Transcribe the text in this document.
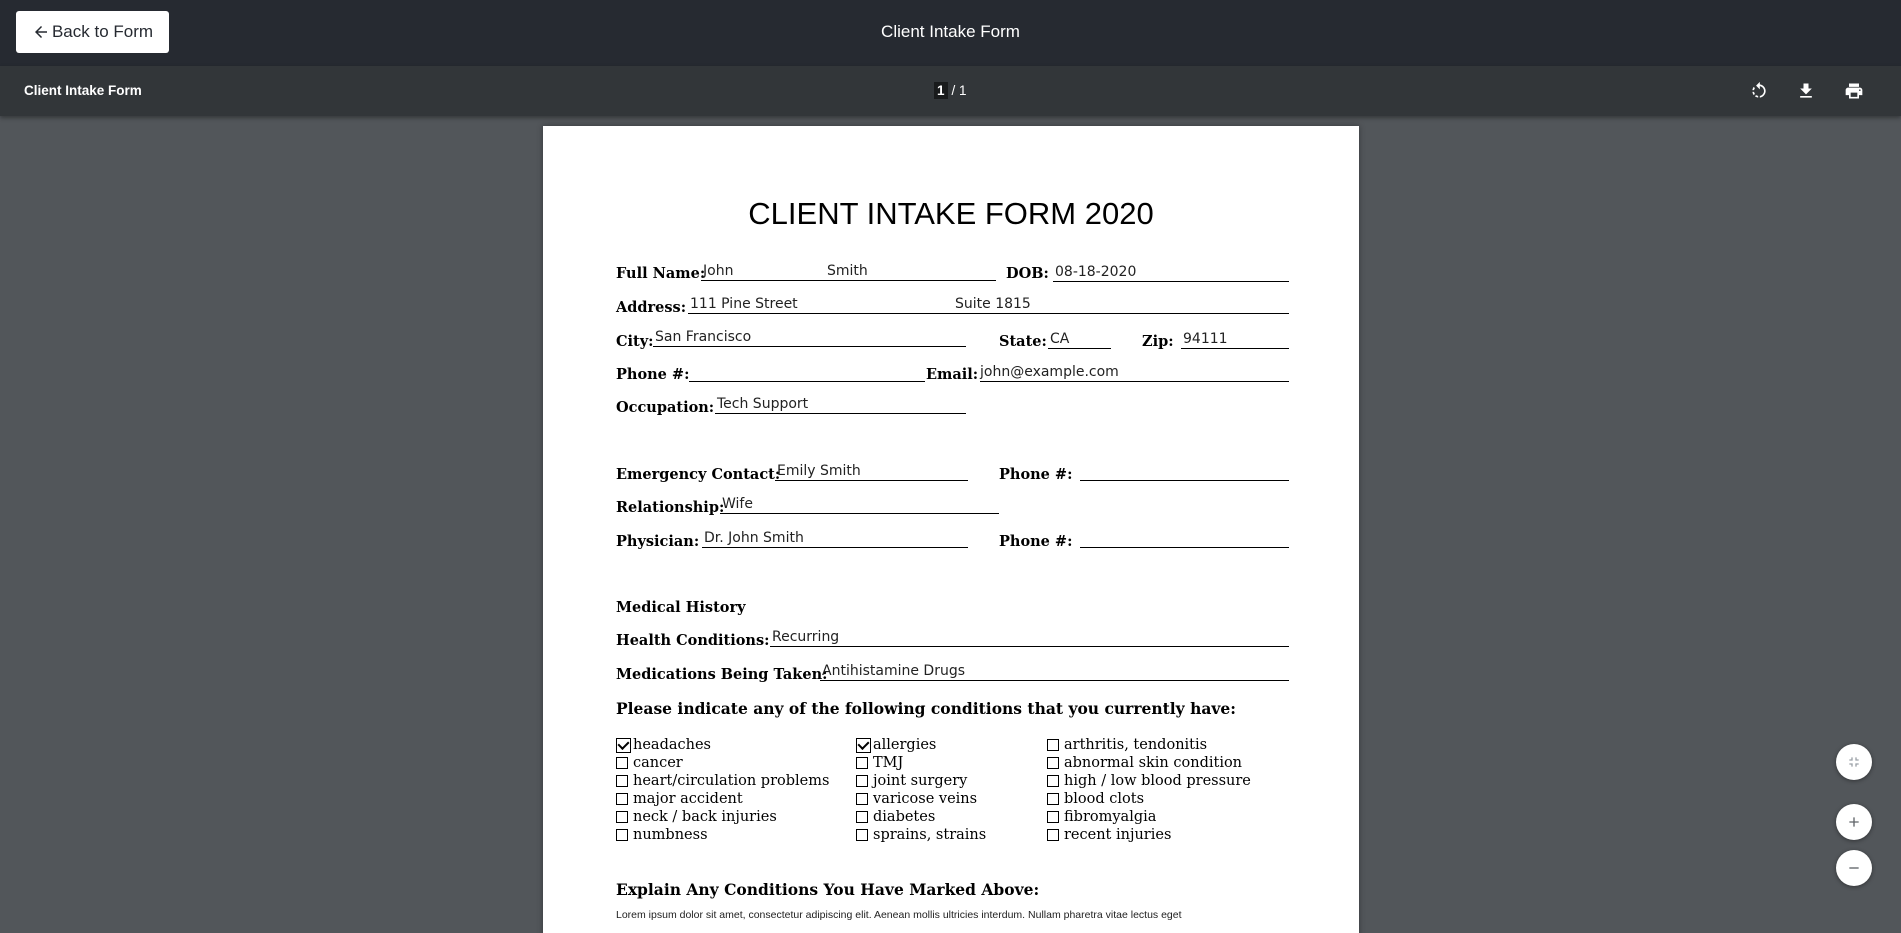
Back to Form	Client Intake Form
Client Intake Form	1 / 1
CLIENT INTAKE FORM 2020
Full Name:
John	Smith	DOB: 08-18-2020
Address: 111 Pine Street	Suite 1815
City: San Francisco	State: CA	Zip: 94111
Phone #:	Email: john@example.com
Occupation: Tech Support
Emergency Contact:
Emily Smith	Phone #:
Relationship:
Wife
Physician: Dr. John Smith	Phone #:
Medical History
Health Conditions: Recurring
Medications Being Taken:
Antihistamine Drugs
Please indicate any of the following conditions that you currently have:
headaches
cancer
heart/circulation problems
major accident
neck / back injuries
numbness
allergies
TMJ
joint surgery
varicose veins
diabetes
sprains, strains
arthritis, tendonitis
abnormal skin condition
high / low blood pressure
blood clots
fibromyalgia
recent injuries
Explain Any Conditions You Have Marked Above:
Lorem ipsum dolor sit amet, consectetur adipiscing elit. Aenean mollis ultricies interdum. Nullam pharetra vitae lectus eget
